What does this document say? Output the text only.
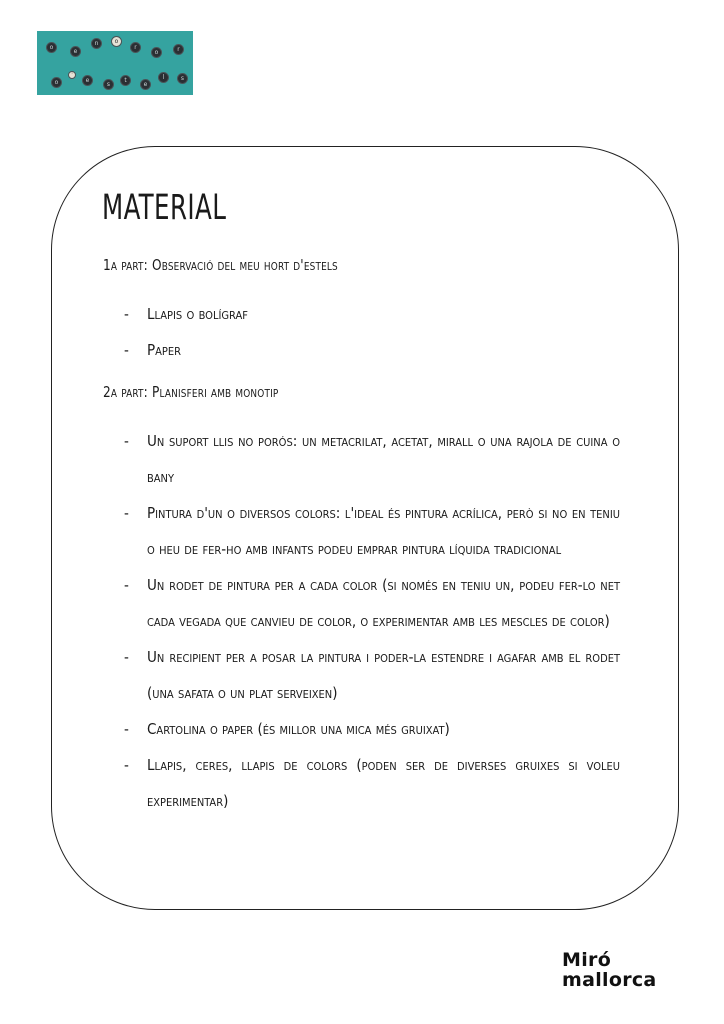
o
e
n	o
r
o	r
o
'
e
s
t
e
l	s
MATERIAL

1a part: Observació del meu hort d'estels

- Llapis o bolígraf
- Paper

2a part: Planisferi amb monotip

- Un suport llis no porós: un metacrilat, acetat, mirall o una rajola de cuina o bany
- Pintura d'un o diversos colors: l'ideal és pintura acrílica, però si no en teniu o heu de fer-ho amb infants podeu emprar pintura líquida tradicional
- Un rodet de pintura per a cada color (si només en teniu un, podeu fer-lo net cada vegada que canvieu de color, o experimentar amb les mescles de color)
- Un recipient per a posar la pintura i poder-la estendre i agafar amb el rodet (una safata o un plat serveixen)
- Cartolina o paper (és millor una mica més gruixat)
- Llapis, ceres, llapis de colors (poden ser de diverses gruixes si voleu experimentar)
Miró
mallorca
